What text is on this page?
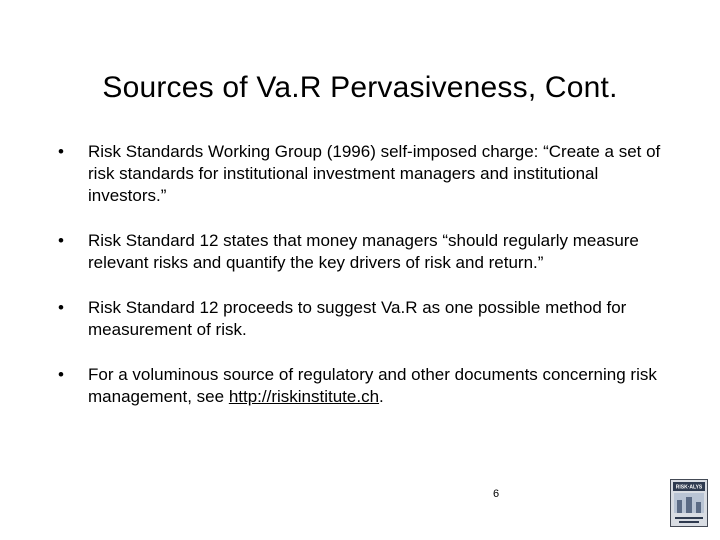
Sources of Va.R Pervasiveness, Cont.
•	Risk Standards Working Group (1996) self-imposed charge: “Create a set of risk standards for institutional investment managers and institutional investors.”
•	Risk Standard 12 states that money managers “should regularly measure relevant risks and quantify the key drivers of risk and return.”
•	Risk Standard 12 proceeds to suggest Va.R as one possible method for measurement of risk.
•	For a voluminous source of regulatory and other documents concerning risk management, see http://riskinstitute.ch.
6
RISK·ALYS
